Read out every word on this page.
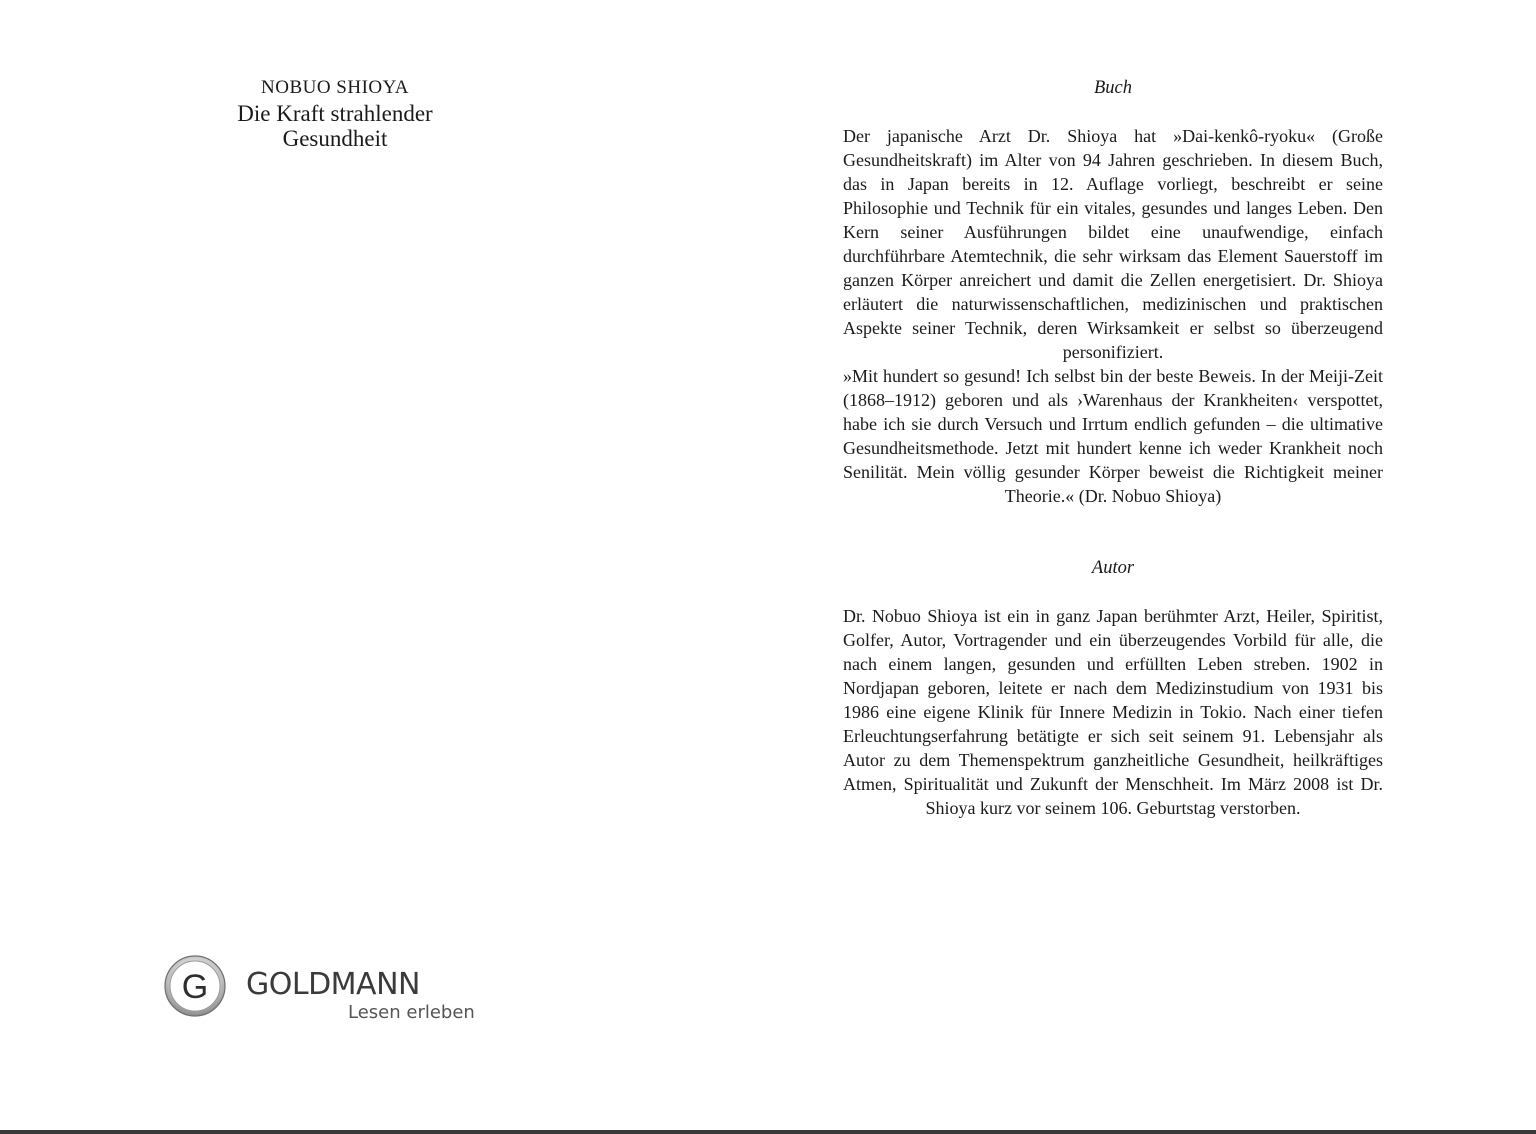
NOBUO SHIOYA
Die Kraft strahlender
Gesundheit
G GOLDMANN
Lesen erleben

Buch

Der japanische Arzt Dr. Shioya hat »Dai-kenkô-ryoku« (Große Gesundheitskraft) im Alter von 94 Jahren geschrieben. In diesem Buch, das in Japan bereits in 12. Auflage vorliegt, beschreibt er seine Philosophie und Technik für ein vitales, gesundes und langes Leben. Den Kern seiner Ausführungen bildet eine unaufwendige, einfach durchführbare Atemtechnik, die sehr wirksam das Element Sauerstoff im ganzen Körper anreichert und damit die Zellen energetisiert. Dr. Shioya erläutert die naturwissenschaftlichen, medizinischen und praktischen Aspekte seiner Technik, deren Wirksamkeit er selbst so überzeugend personifiziert.

»Mit hundert so gesund! Ich selbst bin der beste Beweis. In der Meiji-Zeit (1868–1912) geboren und als ›Warenhaus der Krankheiten‹ verspottet, habe ich sie durch Versuch und Irrtum endlich gefunden – die ultimative Gesundheitsmethode. Jetzt mit hundert kenne ich weder Krankheit noch Senilität. Mein völlig gesunder Körper beweist die Richtigkeit meiner Theorie.« (Dr. Nobuo Shioya)

Autor

Dr. Nobuo Shioya ist ein in ganz Japan berühmter Arzt, Heiler, Spiritist, Golfer, Autor, Vortragender und ein überzeugendes Vorbild für alle, die nach einem langen, gesunden und erfüllten Leben streben. 1902 in Nordjapan geboren, leitete er nach dem Medizinstudium von 1931 bis 1986 eine eigene Klinik für Innere Medizin in Tokio. Nach einer tiefen Erleuchtungserfahrung betätigte er sich seit seinem 91. Lebensjahr als Autor zu dem Themenspektrum ganzheitliche Gesundheit, heilkräftiges Atmen, Spiritualität und Zukunft der Menschheit. Im März 2008 ist Dr. Shioya kurz vor seinem 106. Geburtstag verstorben.
